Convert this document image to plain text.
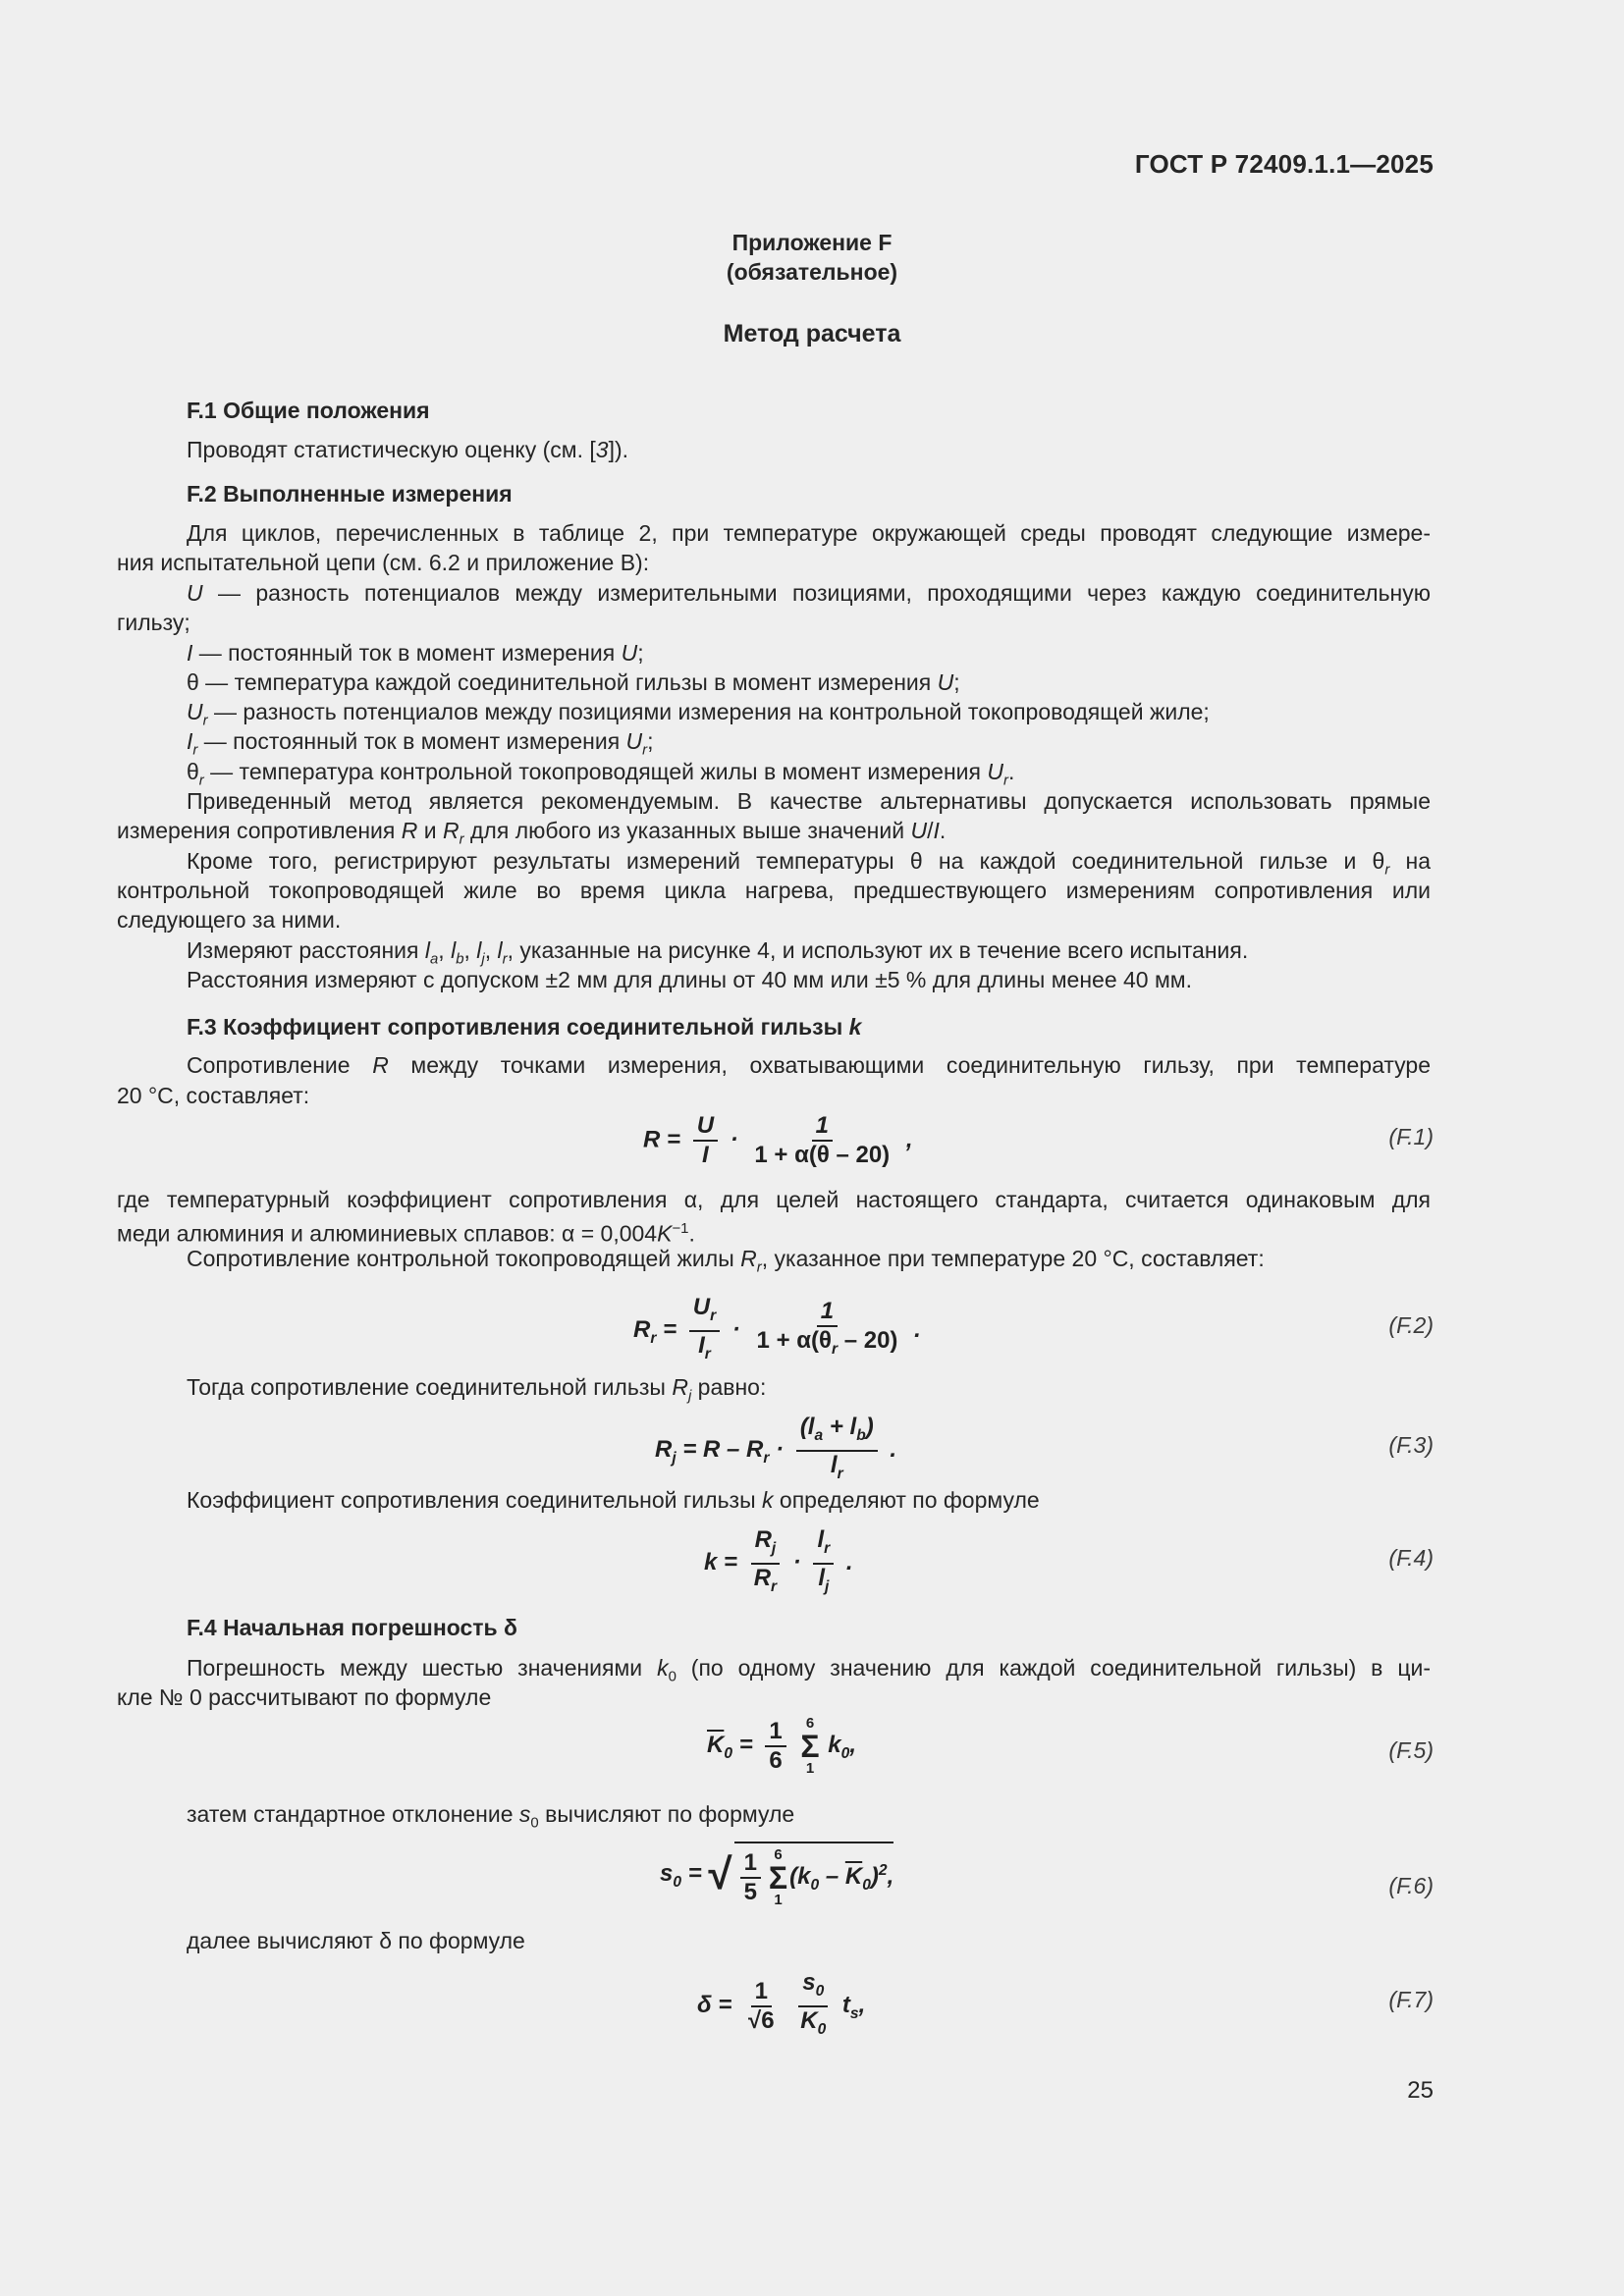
ГОСТ Р 72409.1.1—2025
Приложение F
(обязательное)
Метод расчета
F.1 Общие положения
Проводят статистическую оценку (см. [3]).
F.2 Выполненные измерения
Для циклов, перечисленных в таблице 2, при температуре окружающей среды проводят следующие измере-
ния испытательной цепи (см. 6.2 и приложение В):
U — разность потенциалов между измерительными позициями, проходящими через каждую соединительную
гильзу;
I — постоянный ток в момент измерения U;
θ — температура каждой соединительной гильзы в момент измерения U;
$U_r$ — разность потенциалов между позициями измерения на контрольной токопроводящей жиле;
$I_r$ — постоянный ток в момент измерения $U_r$;
$\theta_r$ — температура контрольной токопроводящей жилы в момент измерения $U_r$.
Приведенный метод является рекомендуемым. В качестве альтернативы допускается использовать прямые
измерения сопротивления R и $R_r$ для любого из указанных выше значений U/I.
Кроме того, регистрируют результаты измерений температуры θ на каждой соединительной гильзе и $\theta_r$ на
контрольной токопроводящей жиле во время цикла нагрева, предшествующего измерениям сопротивления или
следующего за ними.
Измеряют расстояния $l_a$, $l_b$, $l_j$, $l_r$, указанные на рисунке 4, и используют их в течение всего испытания.
Расстояния измеряют с допуском ±2 мм для длины от 40 мм или ±5 % для длины менее 40 мм.
F.3 Коэффициент сопротивления соединительной гильзы k
Сопротивление R между точками измерения, охватывающими соединительную гильзу, при температуре
20 °С, составляет:
$R = \frac{U}{I} \cdot \frac{1}{1 + \alpha(\theta - 20)}$ ,	(F.1)
где температурный коэффициент сопротивления α, для целей настоящего стандарта, считается одинаковым для
меди алюминия и алюминиевых сплавов: $\alpha = 0,004K^{-1}$.
Сопротивление контрольной токопроводящей жилы $R_r$, указанное при температуре 20 °С, составляет:
$R_r = \frac{U_r}{I_r} \cdot \frac{1}{1 + \alpha(\theta_r - 20)}$ .	(F.2)
Тогда сопротивление соединительной гильзы $R_j$ равно:
$R_j = R - R_r \cdot \frac{(l_a + l_b)}{l_r}$ .	(F.3)
Коэффициент сопротивления соединительной гильзы k определяют по формуле
$k = \frac{R_j}{R_r} \cdot \frac{l_r}{l_j}$ .	(F.4)
F.4 Начальная погрешность δ
Погрешность между шестью значениями $k_0$ (по одному значению для каждой соединительной гильзы) в ци-
кле № 0 рассчитывают по формуле
$\overline{K}_0 = \frac{1}{6}$
6
Σ
1
$k_0$,	(F.5)
затем стандартное отклонение $s_0$ вычисляют по формуле
$s_0$ = √ $\frac{1}{5} 6$
Σ
1
$(k_0 - \overline{K}_0)^2$,	(F.6)
далее вычисляют δ по формуле
$\delta = \frac{1}{√6}$
$\frac{s_0}{\overline{K}_0} t_s$,	(F.7)
25
